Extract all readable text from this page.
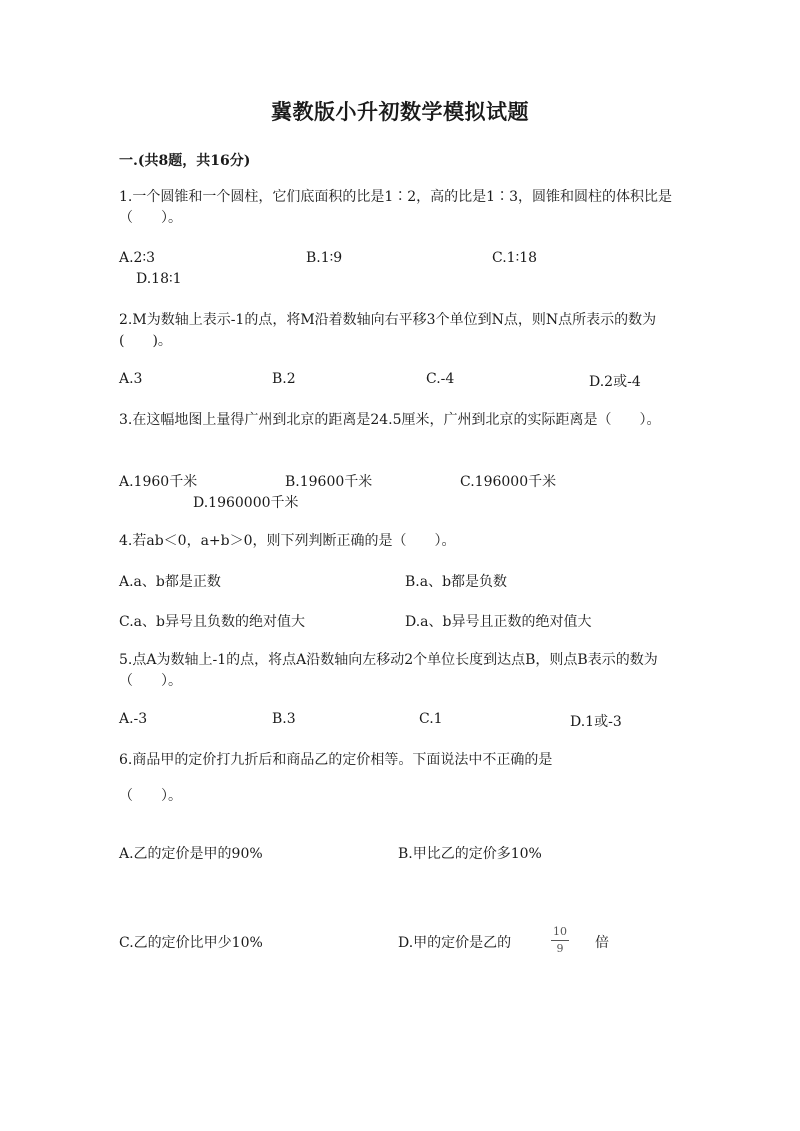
冀教版小升初数学模拟试题
一.(共8题，共16分)
1.一个圆锥和一个圆柱，它们底面积的比是1∶2，高的比是1∶3，圆锥和圆柱的体积比是（　　）。
A.2∶3	B.1∶9	C.1∶18
D.18∶1
2.M为数轴上表示-1的点，将M沿着数轴向右平移3个单位到N点，则N点所表示的数为(　　)。
A.3	B.2	C.-4	D.2或-4
3.在这幅地图上量得广州到北京的距离是24.5厘米，广州到北京的实际距离是（　　）。
A.1960千米	B.19600千米	C.196000千米
D.1960000千米
4.若ab＜0，a+b＞0，则下列判断正确的是（　　）。
A.a、b都是正数	B.a、b都是负数
C.a、b异号且负数的绝对值大	D.a、b异号且正数的绝对值大
5.点A为数轴上-1的点，将点A沿数轴向左移动2个单位长度到达点B，则点B表示的数为（　　）。
A.-3	B.3	C.1	D.1或-3
6.商品甲的定价打九折后和商品乙的定价相等。下面说法中不正确的是
（　　）。
A.乙的定价是甲的90%	B.甲比乙的定价多10%
C.乙的定价比甲少10%	D.甲的定价是乙的
10
9	倍
